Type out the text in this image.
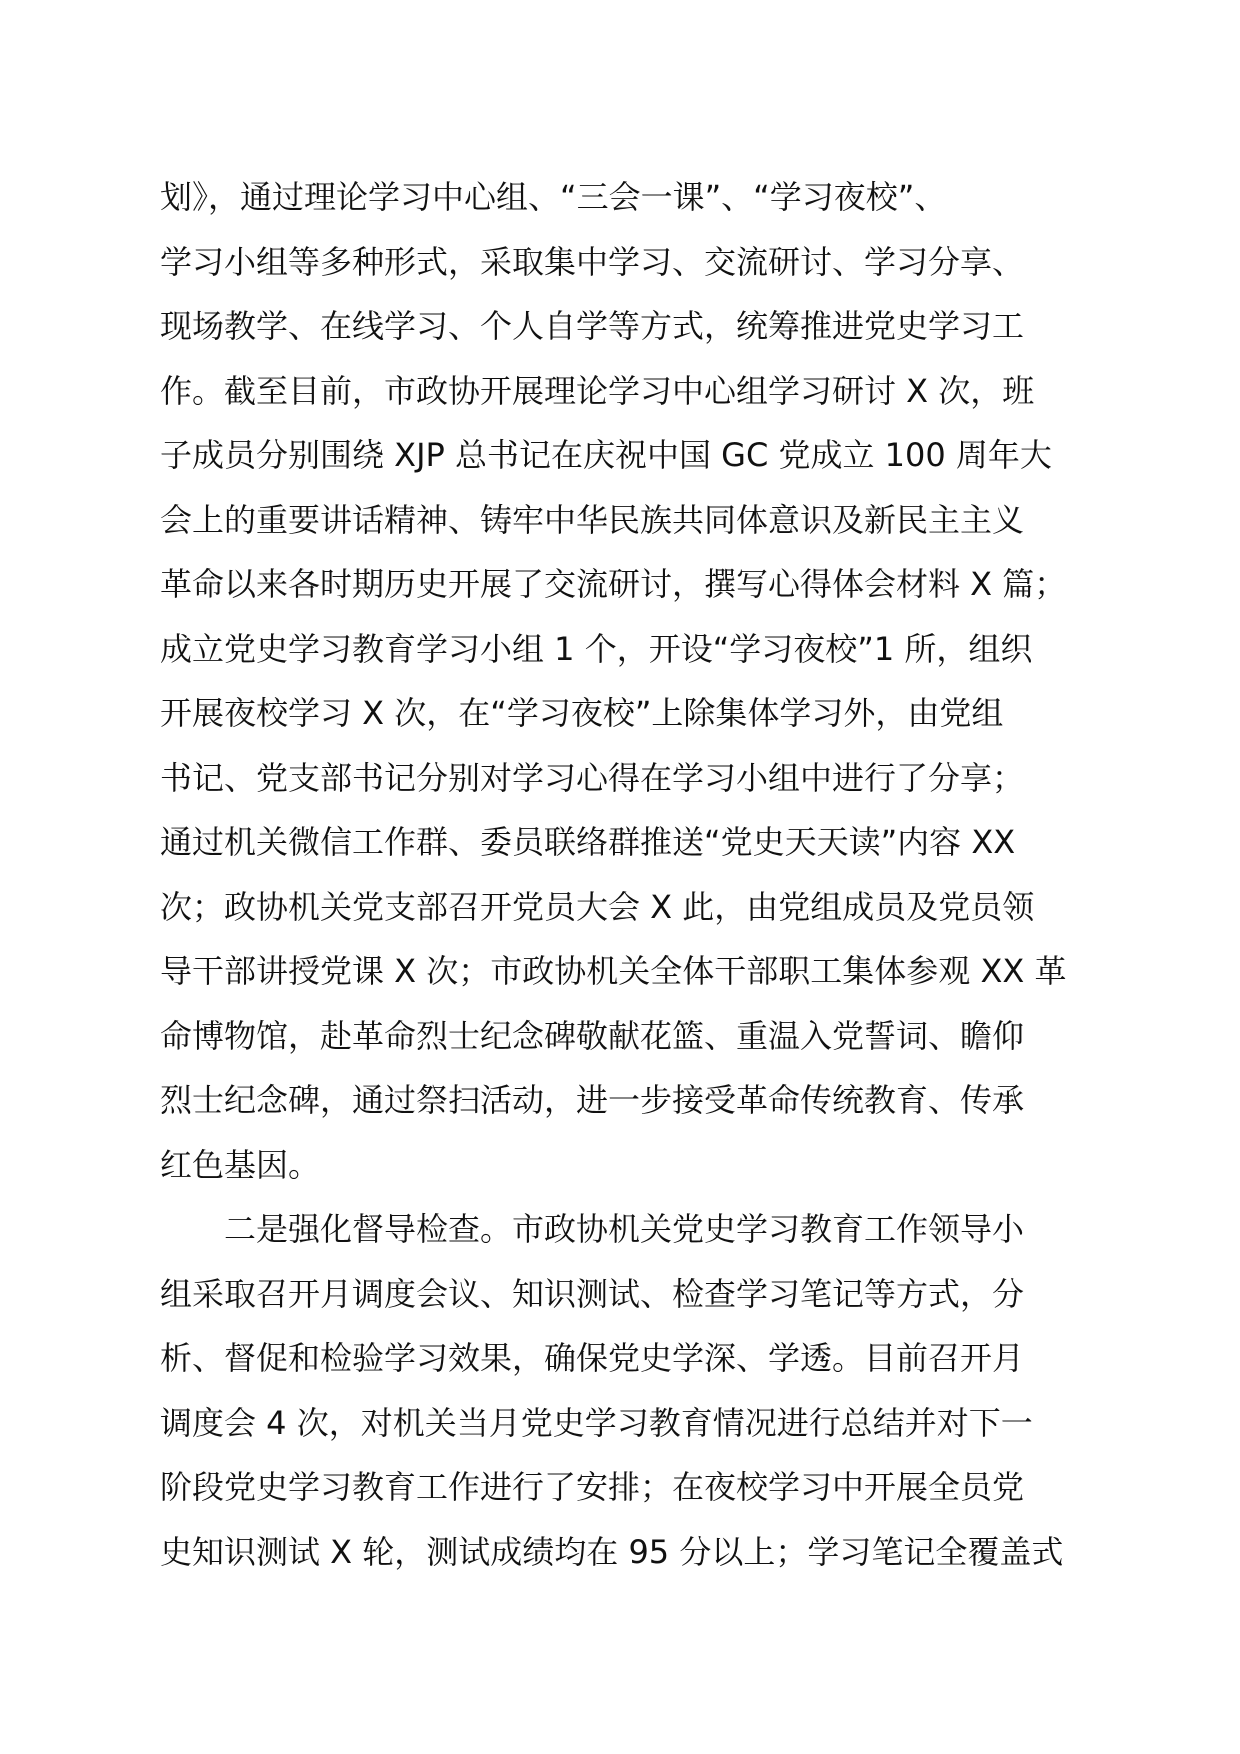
划》，通过理论学习中心组、“三会一课”、“学习夜校”、
学习小组等多种形式，采取集中学习、交流研讨、学习分享、
现场教学、在线学习、个人自学等方式，统筹推进党史学习工
作。截至目前，市政协开展理论学习中心组学习研讨 X 次，班
子成员分别围绕 XJP 总书记在庆祝中国 GC 党成立 100 周年大
会上的重要讲话精神、铸牢中华民族共同体意识及新民主主义
革命以来各时期历史开展了交流研讨，撰写心得体会材料 X 篇；
成立党史学习教育学习小组 1 个，开设“学习夜校”1 所，组织
开展夜校学习 X 次，在“学习夜校”上除集体学习外，由党组
书记、党支部书记分别对学习心得在学习小组中进行了分享；
通过机关微信工作群、委员联络群推送“党史天天读”内容 XX
次；政协机关党支部召开党员大会 X 此，由党组成员及党员领
导干部讲授党课 X 次；市政协机关全体干部职工集体参观 XX 革
命博物馆，赴革命烈士纪念碑敬献花篮、重温入党誓词、瞻仰
烈士纪念碑，通过祭扫活动，进一步接受革命传统教育、传承
红色基因。
二是强化督导检查。市政协机关党史学习教育工作领导小
组采取召开月调度会议、知识测试、检查学习笔记等方式，分
析、督促和检验学习效果，确保党史学深、学透。目前召开月
调度会 4 次，对机关当月党史学习教育情况进行总结并对下一
阶段党史学习教育工作进行了安排；在夜校学习中开展全员党
史知识测试 X 轮，测试成绩均在 95 分以上；学习笔记全覆盖式
